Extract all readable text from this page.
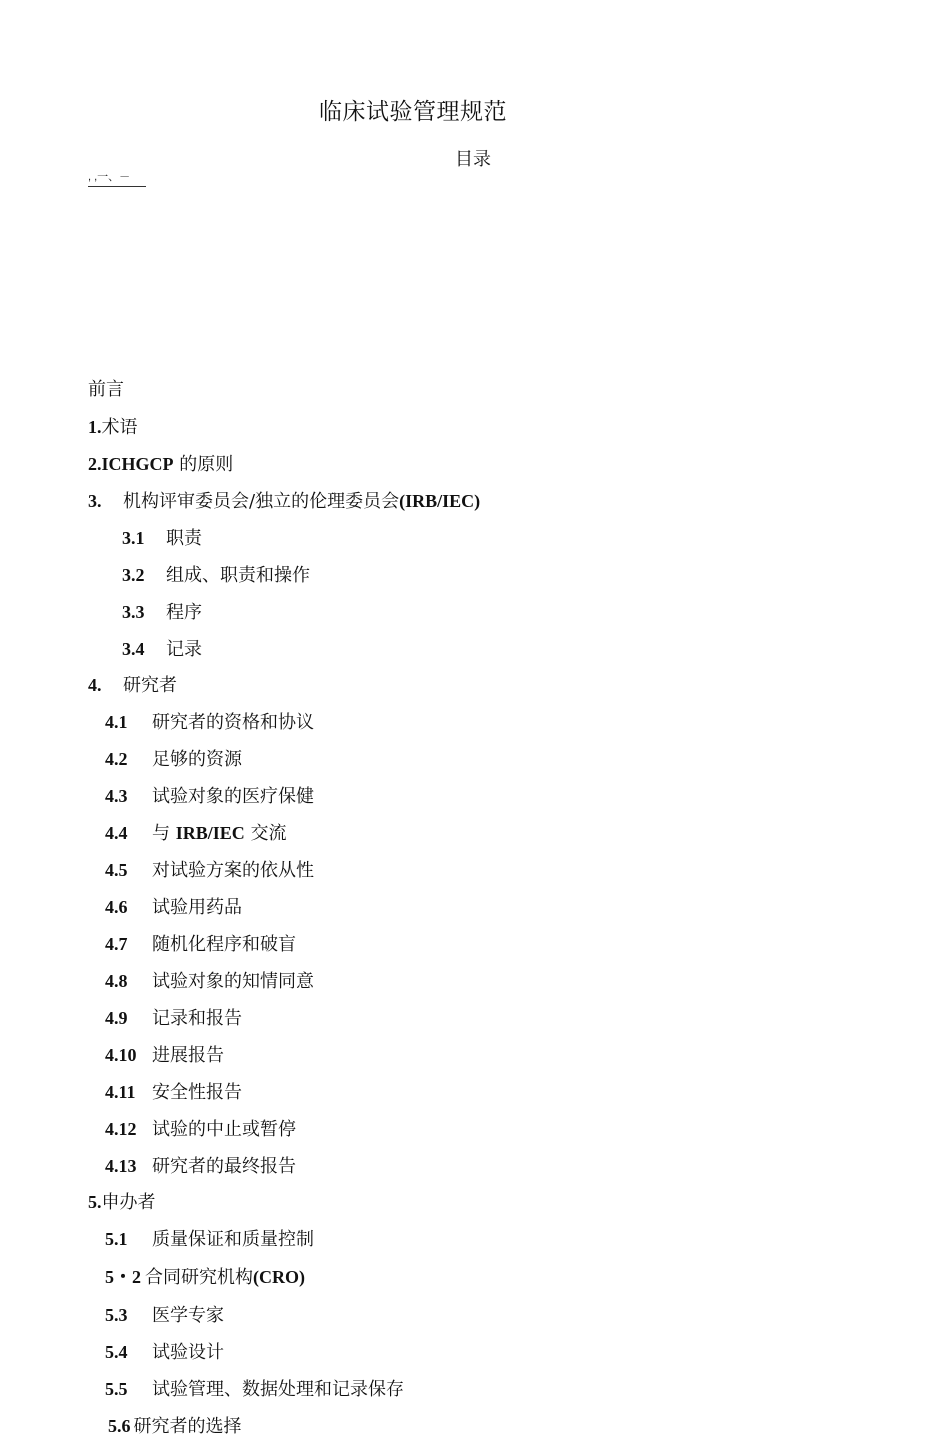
临床试验管理规范
目录
, ,一、－
前言
1.术语
2.ICHGCP 的原则
3. 机构评审委员会/独立的伦理委员会(IRB/IEC)
3.1 职责
3.2 组成、职责和操作
3.3 程序
3.4 记录
4. 研究者
4.1 研究者的资格和协议
4.2 足够的资源
4.3 试验对象的医疗保健
4.4 与 IRB/IEC 交流
4.5 对试验方案的依从性
4.6 试验用药品
4.7 随机化程序和破盲
4.8 试验对象的知情同意
4.9 记录和报告
4.10 进展报告
4.11 安全性报告
4.12 试验的中止或暂停
4.13 研究者的最终报告
5.申办者
5.1 质量保证和质量控制
5・2 合同研究机构(CRO)
5.3 医学专家
5.4 试验设计
5.5 试验管理、数据处理和记录保存
5.6 研究者的选择
